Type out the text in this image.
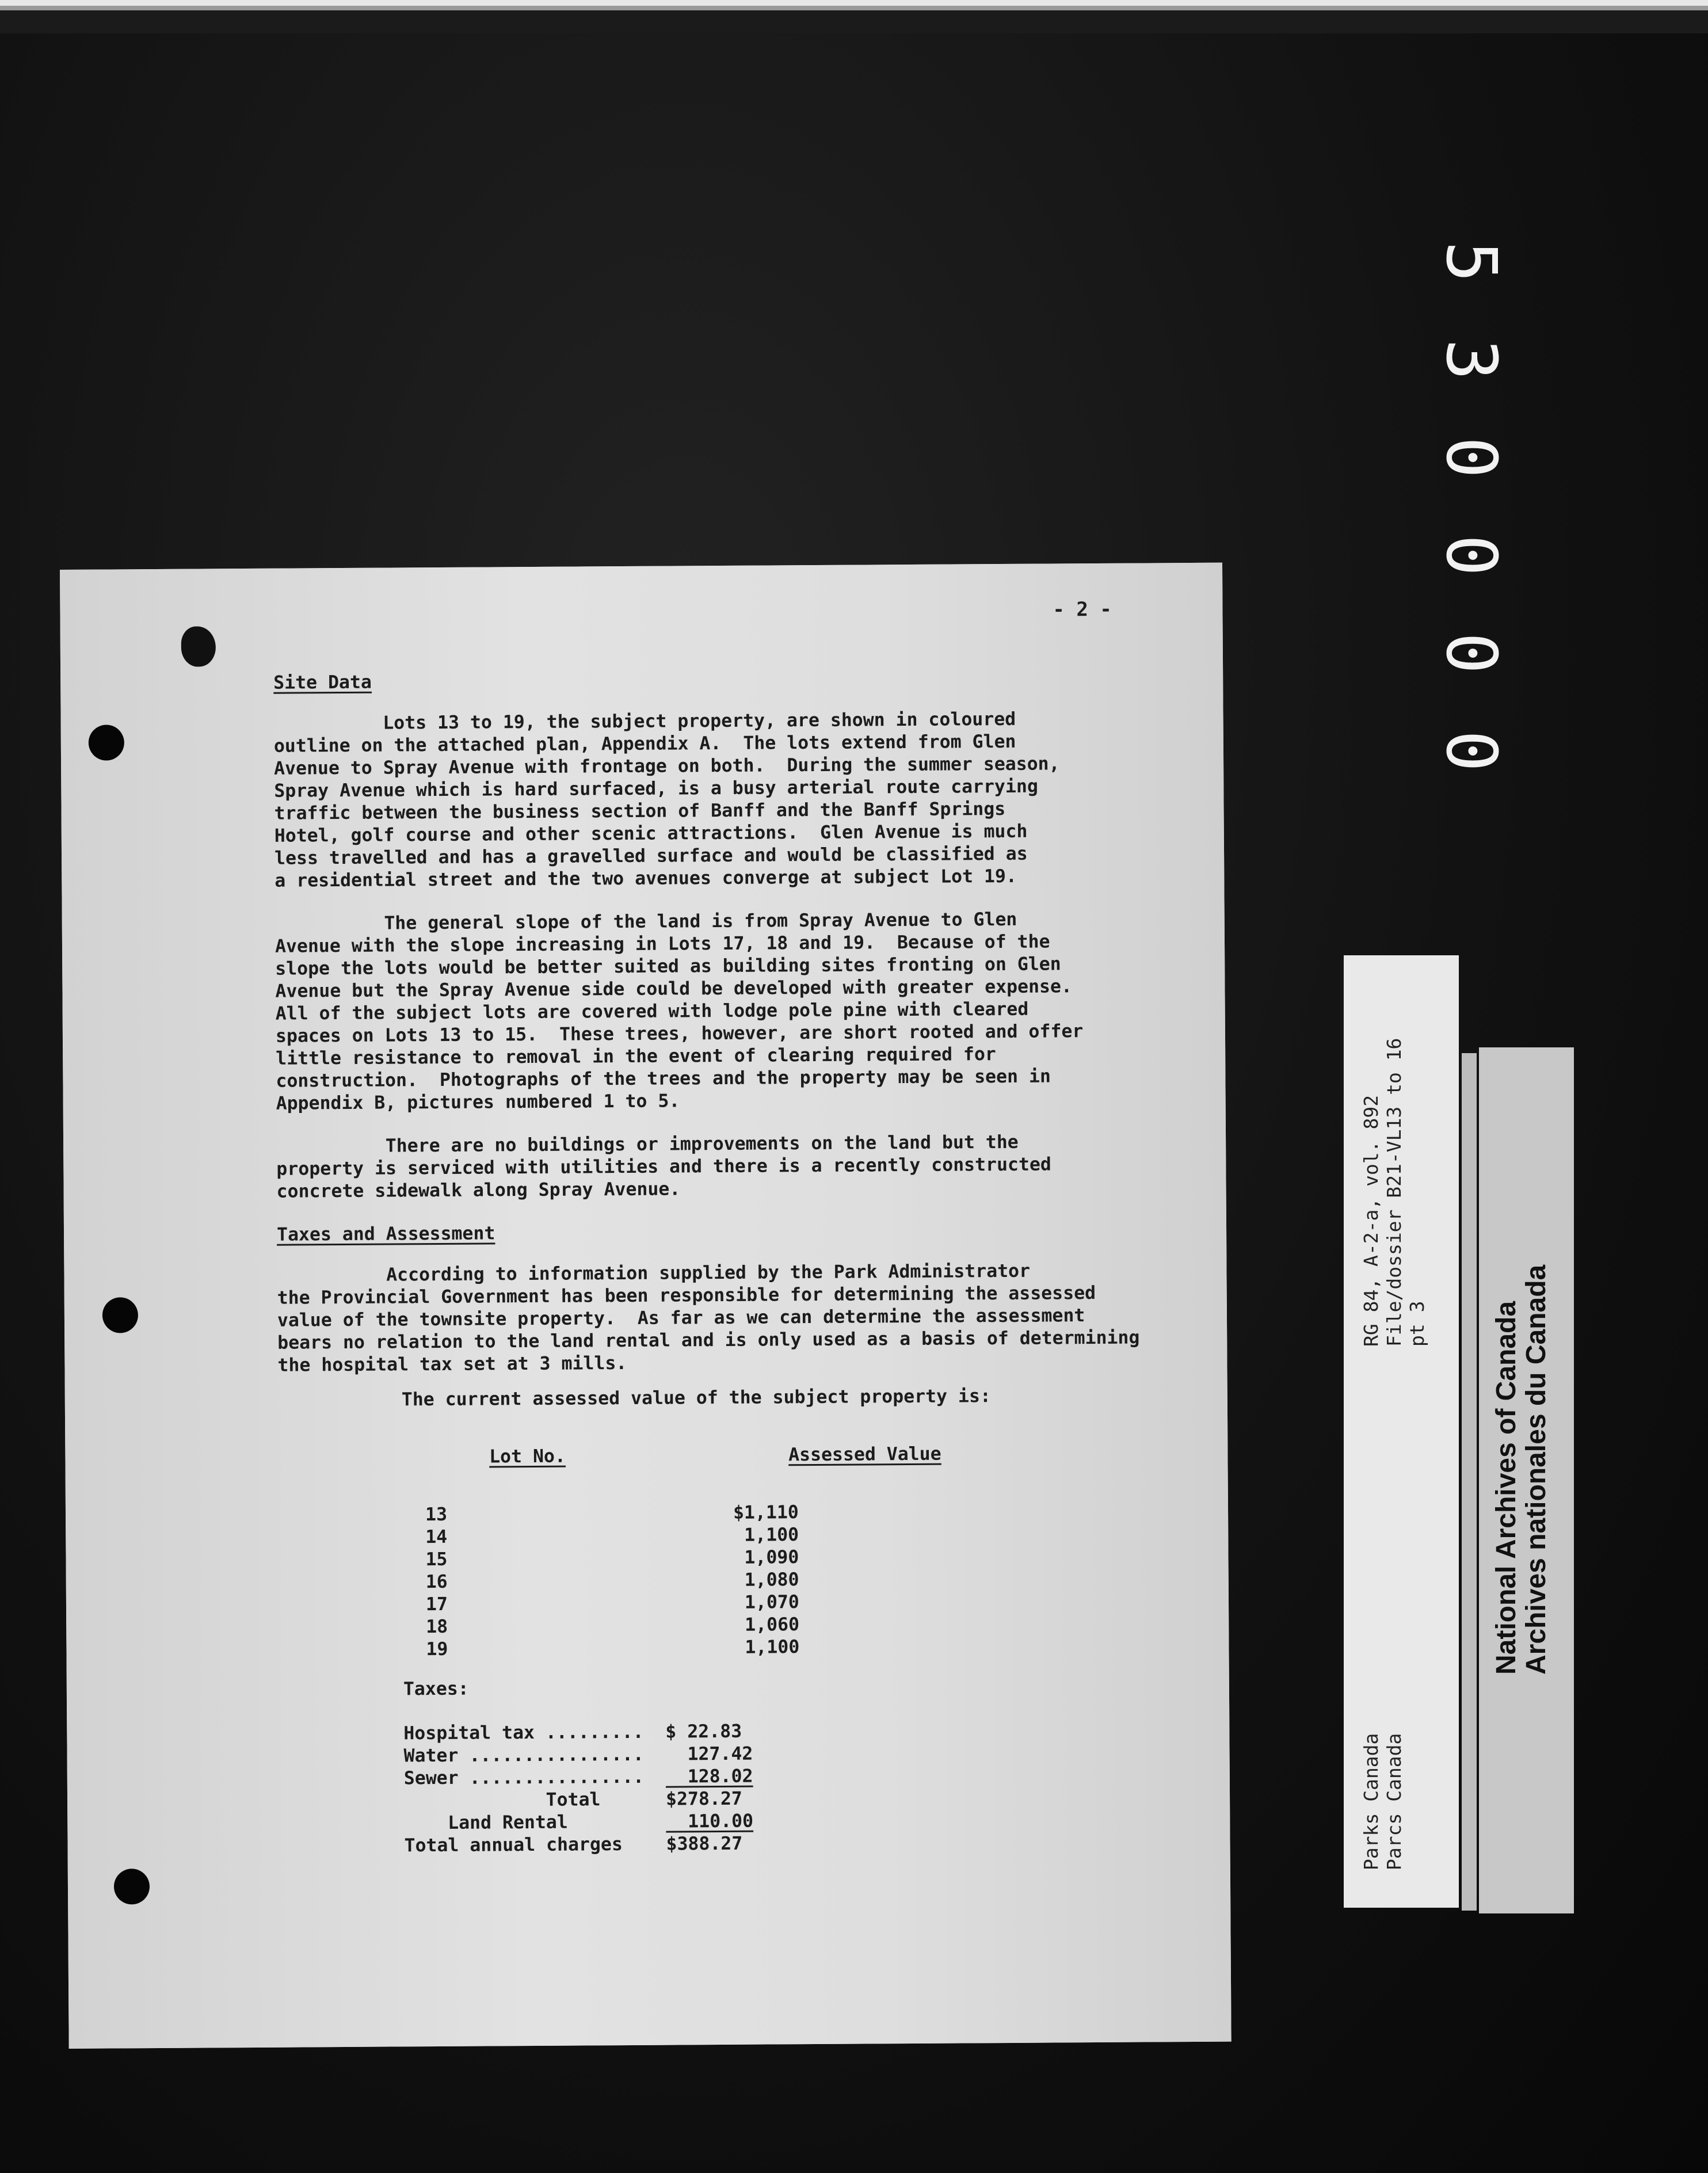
5
3
0
0
0
0
- 2 -
Site Data

Lots 13 to 19, the subject property, are shown in coloured

outline on the attached plan, Appendix A.  The lots extend from Glen

Avenue to Spray Avenue with frontage on both.  During the summer season,

Spray Avenue which is hard surfaced, is a busy arterial route carrying

traffic between the business section of Banff and the Banff Springs

Hotel, golf course and other scenic attractions.  Glen Avenue is much

less travelled and has a gravelled surface and would be classified as

a residential street and the two avenues converge at subject Lot 19.

The general slope of the land is from Spray Avenue to Glen

Avenue with the slope increasing in Lots 17, 18 and 19.  Because of the

slope the lots would be better suited as building sites fronting on Glen

Avenue but the Spray Avenue side could be developed with greater expense.

All of the subject lots are covered with lodge pole pine with cleared

spaces on Lots 13 to 15.  These trees, however, are short rooted and offer

little resistance to removal in the event of clearing required for

construction.  Photographs of the trees and the property may be seen in

Appendix B, pictures numbered 1 to 5.

There are no buildings or improvements on the land but the

property is serviced with utilities and there is a recently constructed

concrete sidewalk along Spray Avenue.

Taxes and Assessment

According to information supplied by the Park Administrator

the Provincial Government has been responsible for determining the assessed

value of the townsite property.  As far as we can determine the assessment

bears no relation to the land rental and is only used as a basis of determining

the hospital tax set at 3 mills.

The current assessed value of the subject property is:

Lot No.	Assessed Value

13	$1,110
14	1,100
15	1,090
16	1,080
17	1,070
18	1,060
19	1,100
Taxes:
Hospital tax ......... $ 22.83
Water ................  127.42
Sewer ................  128.02
Total	$278.27
Land Rental	110.00
Total annual charges $388.27
RG 84, A-2-a, vol. 892 File/dossier B21-VL13 to 16 pt 3
Parks Canada Parcs Canada
National Archives of Canada Archives nationales du Canada
